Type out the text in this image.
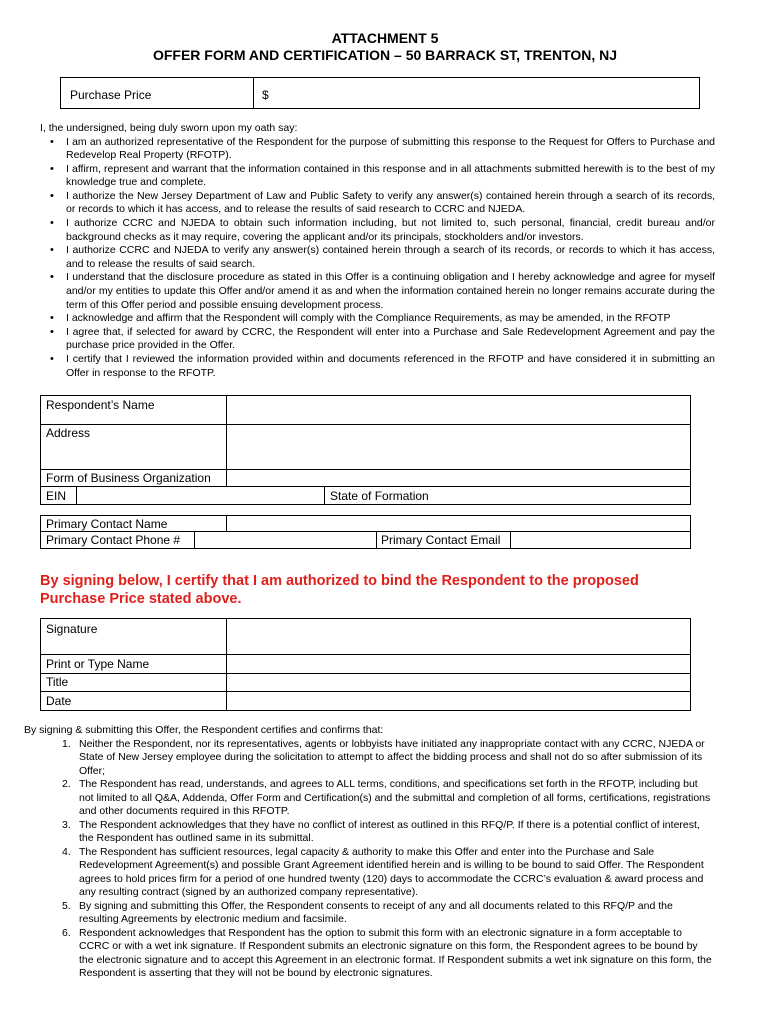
ATTACHMENT 5
OFFER FORM AND CERTIFICATION – 50 BARRACK ST, TRENTON, NJ
Purchase Price	$
I, the undersigned, being duly sworn upon my oath say:
• I am an authorized representative of the Respondent for the purpose of submitting this response to the Request for Offers to Purchase and Redevelop Real Property (RFOTP).
• I affirm, represent and warrant that the information contained in this response and in all attachments submitted herewith is to the best of my knowledge true and complete.
• I authorize the New Jersey Department of Law and Public Safety to verify any answer(s) contained herein through a search of its records, or records to which it has access, and to release the results of said research to CCRC and NJEDA.
• I authorize CCRC and NJEDA to obtain such information including, but not limited to, such personal, financial, credit bureau and/or background checks as it may require, covering the applicant and/or its principals, stockholders and/or investors.
• I authorize CCRC and NJEDA to verify any answer(s) contained herein through a search of its records, or records to which it has access, and to release the results of said search.
• I understand that the disclosure procedure as stated in this Offer is a continuing obligation and I hereby acknowledge and agree for myself and/or my entities to update this Offer and/or amend it as and when the information contained herein no longer remains accurate during the term of this Offer period and possible ensuing development process.
• I acknowledge and affirm that the Respondent will comply with the Compliance Requirements, as may be amended, in the RFOTP
• I agree that, if selected for award by CCRC, the Respondent will enter into a Purchase and Sale Redevelopment Agreement and pay the purchase price provided in the Offer.
• I certify that I reviewed the information provided within and documents referenced in the RFOTP and have considered it in submitting an Offer in response to the RFOTP.
Respondent’s Name
Address
Form of Business Organization
EIN	State of Formation
Primary Contact Name
Primary Contact Phone #	Primary Contact Email
By signing below, I certify that I am authorized to bind the Respondent to the proposed Purchase Price stated above.
Signature
Print or Type Name
Title
Date
By signing & submitting this Offer, the Respondent certifies and confirms that:
1. Neither the Respondent, nor its representatives, agents or lobbyists have initiated any inappropriate contact with any CCRC, NJEDA or State of New Jersey employee during the solicitation to attempt to affect the bidding process and shall not do so after submission of its Offer;
2. The Respondent has read, understands, and agrees to ALL terms, conditions, and specifications set forth in the RFOTP, including but not limited to all Q&A, Addenda, Offer Form and Certification(s) and the submittal and completion of all forms, certifications, registrations and other documents required in this RFOTP.
3. The Respondent acknowledges that they have no conflict of interest as outlined in this RFQ/P. If there is a potential conflict of interest, the Respondent has outlined same in its submittal.
4. The Respondent has sufficient resources, legal capacity & authority to make this Offer and enter into the Purchase and Sale Redevelopment Agreement(s) and possible Grant Agreement identified herein and is willing to be bound to said Offer. The Respondent agrees to hold prices firm for a period of one hundred twenty (120) days to accommodate the CCRC’s evaluation & award process and any resulting contract (signed by an authorized company representative).
5. By signing and submitting this Offer, the Respondent consents to receipt of any and all documents related to this RFQ/P and the resulting Agreements by electronic medium and facsimile.
6. Respondent acknowledges that Respondent has the option to submit this form with an electronic signature in a form acceptable to CCRC or with a wet ink signature. If Respondent submits an electronic signature on this form, the Respondent agrees to be bound by the electronic signature and to accept this Agreement in an electronic format. If Respondent submits a wet ink signature on this form, the Respondent is asserting that they will not be bound by electronic signatures.
